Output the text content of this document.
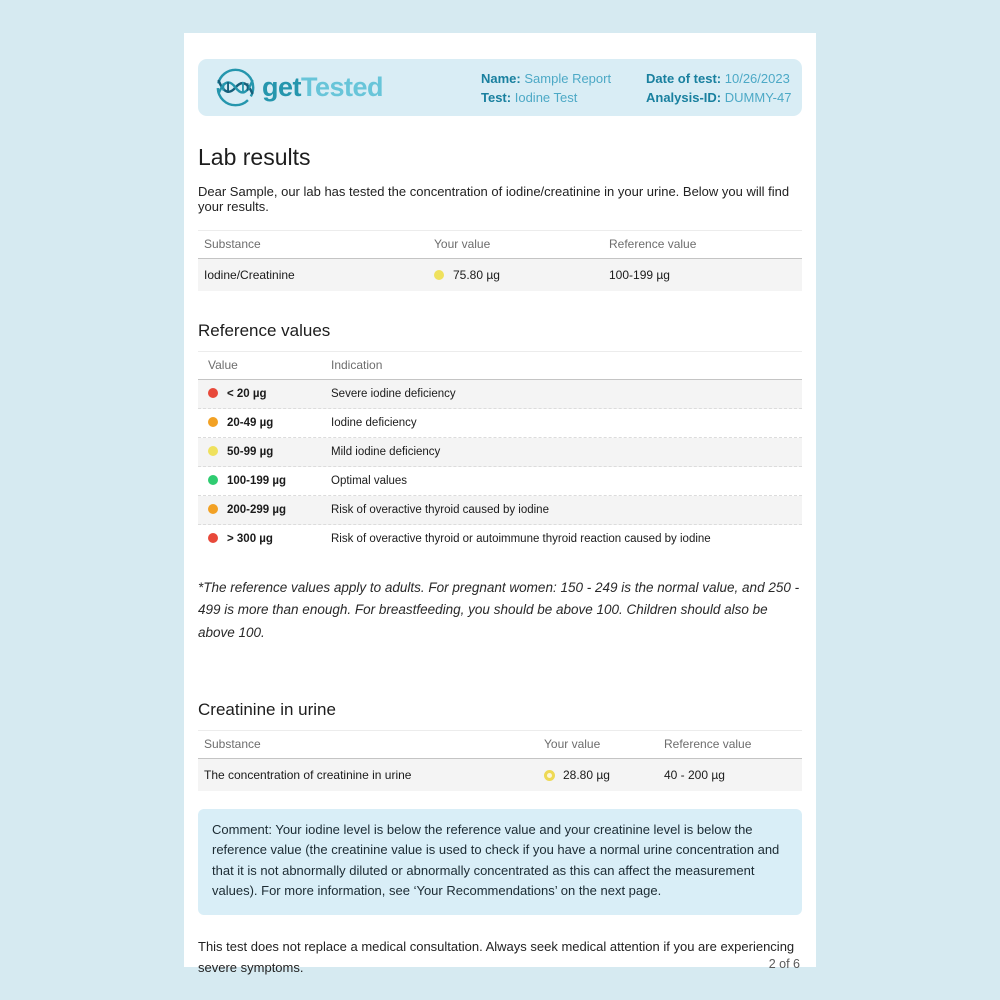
getTested	Name: Sample Report
Test: Iodine Test
Date of test: 10/26/2023
Analysis-ID: DUMMY-47
Lab results

Dear Sample, our lab has tested the concentration of iodine/creatinine in your urine. Below you will find your results.

Substance	Your value	Reference value
Iodine/Creatinine	75.80 µg	100-199 µg
Reference values
Value	Indication
< 20 µg	Severe iodine deficiency
20-49 µg	Iodine deficiency
50-99 µg	Mild iodine deficiency
100-199 µg	Optimal values
200-299 µg	Risk of overactive thyroid caused by iodine
> 300 µg	Risk of overactive thyroid or autoimmune thyroid reaction caused by iodine

*The reference values apply to adults. For pregnant women: 150 - 249 is the normal value, and 250 - 499 is more than enough. For breastfeeding, you should be above 100. Children should also be above 100.

Creatinine in urine
Substance	Your value	Reference value
The concentration of creatinine in urine	28.80 µg	40 - 200 µg
Comment: Your iodine level is below the reference value and your creatinine level is below the reference value (the creatinine value is used to check if you have a normal urine concentration and that it is not abnormally diluted or abnormally concentrated as this can affect the measurement values). For more information, see ‘Your Recommendations’ on the next page.

This test does not replace a medical consultation. Always seek medical attention if you are experiencing severe symptoms.	2 of 6
